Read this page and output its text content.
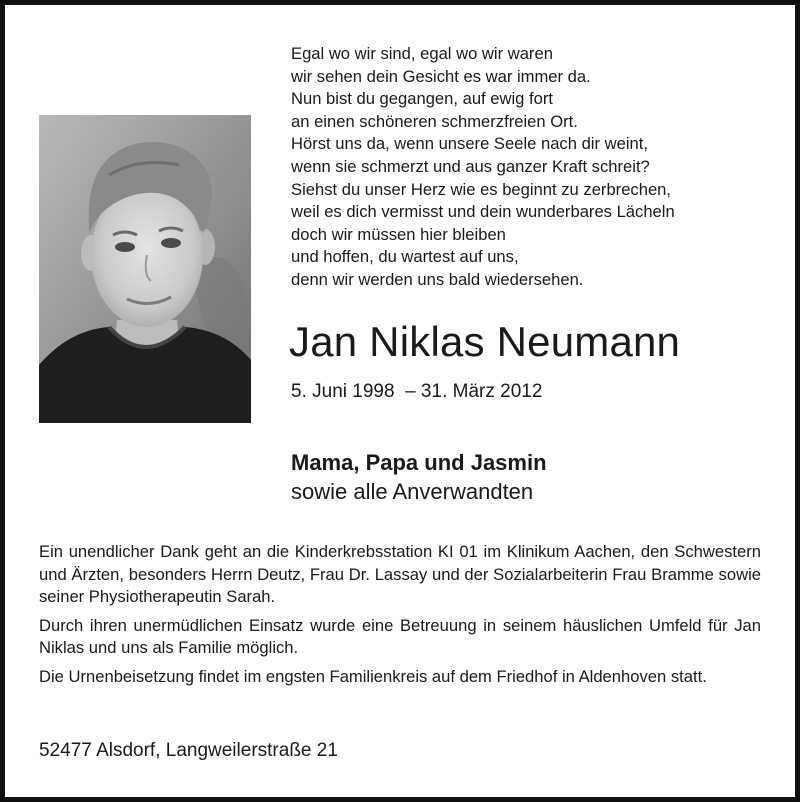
Egal wo wir sind, egal wo wir waren
wir sehen dein Gesicht es war immer da.
Nun bist du gegangen, auf ewig fort
an einen schöneren schmerzfreien Ort.
Hörst uns da, wenn unsere Seele nach dir weint,
wenn sie schmerzt und aus ganzer Kraft schreit?
Siehst du unser Herz wie es beginnt zu zerbrechen,
weil es dich vermisst und dein wunderbares Lächeln
doch wir müssen hier bleiben
und hoffen, du wartest auf uns,
denn wir werden uns bald wiedersehen.
Jan Niklas Neumann
5. Juni 1998  – 31. März 2012
Mama, Papa und Jasmin
sowie alle Anverwandten

Ein unendlicher Dank geht an die Kinderkrebsstation KI 01 im Klinikum Aachen, den Schwestern und Ärzten, besonders Herrn Deutz, Frau Dr. Lassay und der Sozialarbeiterin Frau Bramme sowie seiner Physiotherapeutin Sarah.

Durch ihren unermüdlichen Einsatz wurde eine Betreuung in seinem häuslichen Umfeld für Jan Niklas und uns als Familie möglich.

Die Urnenbeisetzung findet im engsten Familienkreis auf dem Friedhof in Aldenhoven statt.

52477 Alsdorf, Langweilerstraße 21
